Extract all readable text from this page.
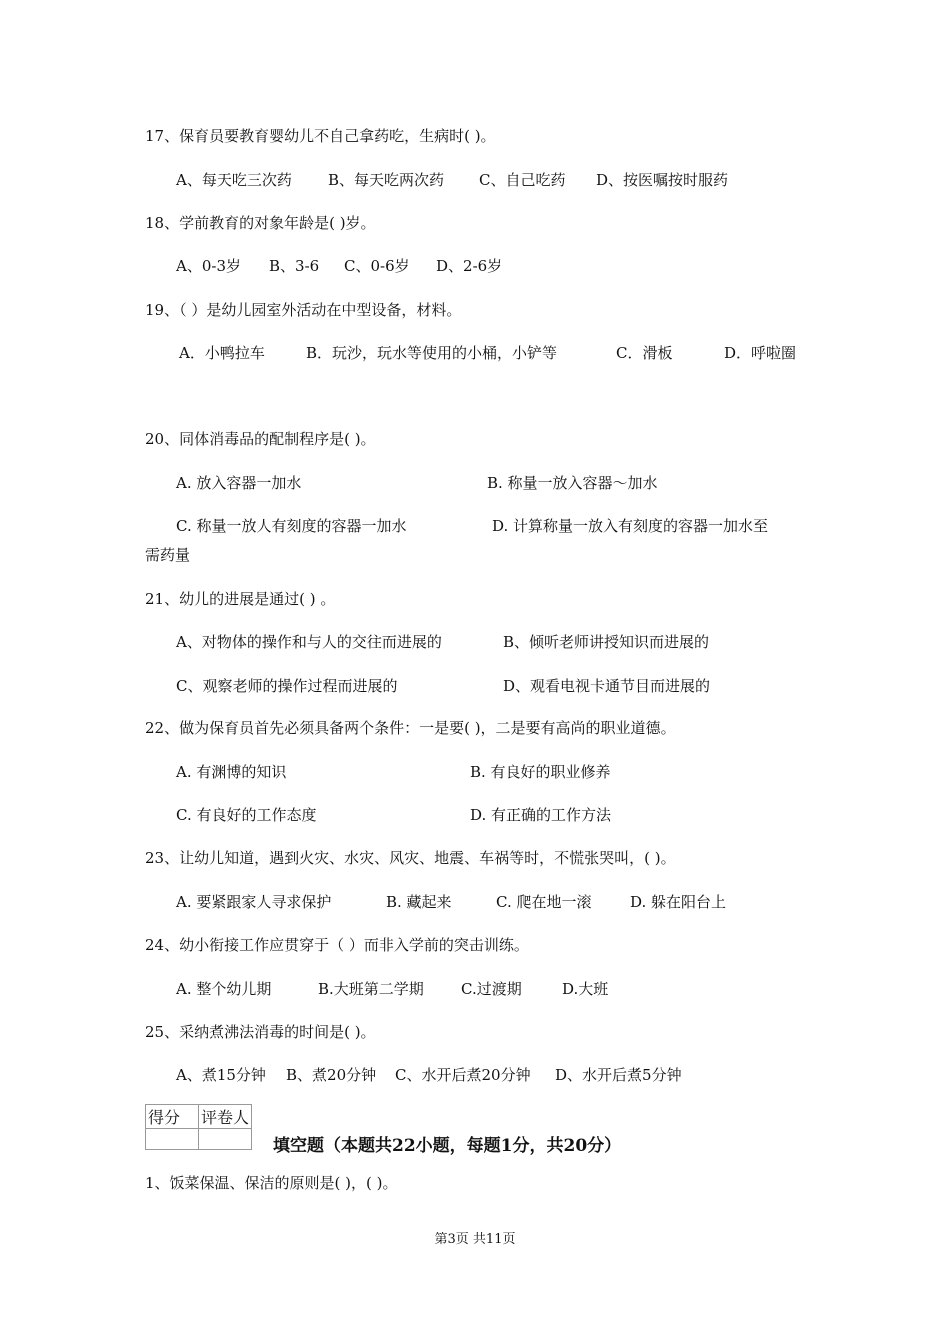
17、保育员要教育婴幼儿不自己拿药吃，生病时( )。
A、每天吃三次药 B、每天吃两次药 C、自己吃药 D、按医嘱按时服药
18、学前教育的对象年龄是( )岁。
A、0-3岁 B、3-6 C、0-6岁 D、2-6岁
19、（ ）是幼儿园室外活动在中型设备，材料。
A．小鸭拉车	B．玩沙，玩水等使用的小桶，小铲等	C．滑板	D．呼啦圈
20、同体消毒品的配制程序是( )。
A. 放入容器一加水	B. 称量一放入容器～加水
C. 称量一放人有刻度的容器一加水	D. 计算称量一放入有刻度的容器一加水至
需药量
21、幼儿的进展是通过( ) 。
A、对物体的操作和与人的交往而进展的	B、倾听老师讲授知识而进展的
C、观察老师的操作过程而进展的	D、观看电视卡通节目而进展的
22、做为保育员首先必须具备两个条件：一是要( )，二是要有高尚的职业道德。
A. 有渊博的知识	B. 有良好的职业修养
C. 有良好的工作态度	D. 有正确的工作方法
23、让幼儿知道，遇到火灾、水灾、风灾、地震、车祸等时，不慌张哭叫，( )。
A. 要紧跟家人寻求保护	B. 藏起来	C. 爬在地一滚	D. 躲在阳台上
24、幼小衔接工作应贯穿于（ ）而非入学前的突击训练。
A. 整个幼儿期	B.大班第二学期 C.过渡期	D.大班
25、采纳煮沸法消毒的时间是( )。
A、煮15分钟 B、煮20分钟 C、水开后煮20分钟 D、水开后煮5分钟
得分	评卷人

填空题（本题共22小题，每题1分，共20分）
1、饭菜保温、保洁的原则是( )，( )。
第3页 共11页
